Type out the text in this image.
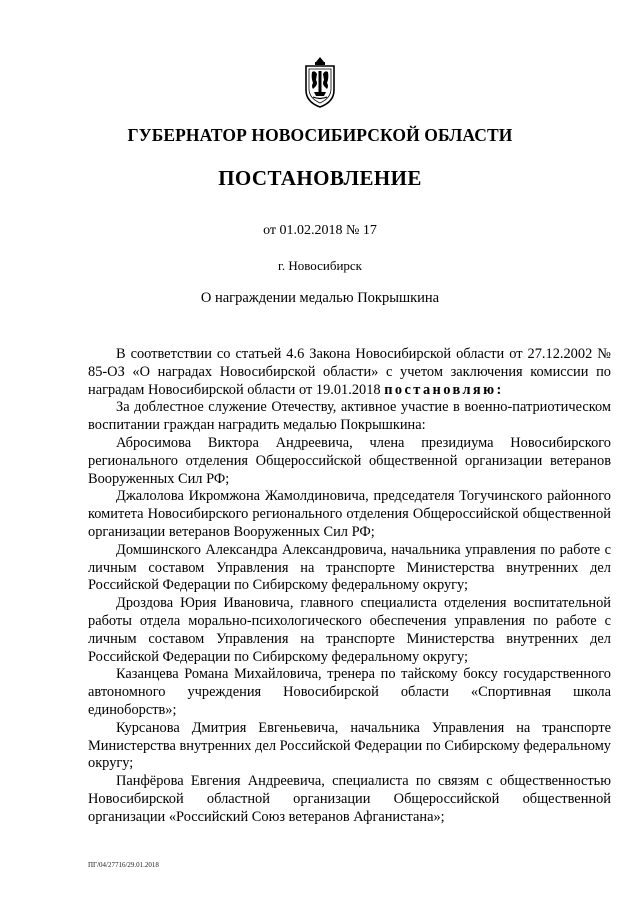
ГУБЕРНАТОР НОВОСИБИРСКОЙ ОБЛАСТИ
ПОСТАНОВЛЕНИЕ
от 01.02.2018 № 17
г. Новосибирск
О награждении медалью Покрышкина

В соответствии со статьей 4.6 Закона Новосибирской области от 27.12.2002 № 85-ОЗ «О наградах Новосибирской области» с учетом заключения комиссии по наградам Новосибирской области от 19.01.2018 постановляю:

За доблестное служение Отечеству, активное участие в военно-патриотическом воспитании граждан наградить медалью Покрышкина:

Абросимова Виктора Андреевича, члена президиума Новосибирского регионального отделения Общероссийской общественной организации ветеранов Вооруженных Сил РФ;

Джалолова Икромжона Жамолдиновича, председателя Тогучинского районного комитета Новосибирского регионального отделения Общероссийской общественной организации ветеранов Вооруженных Сил РФ;

Домшинского Александра Александровича, начальника управления по работе с личным составом Управления на транспорте Министерства внутренних дел Российской Федерации по Сибирскому федеральному округу;

Дроздова Юрия Ивановича, главного специалиста отделения воспитательной работы отдела морально-психологического обеспечения управления по работе с личным составом Управления на транспорте Министерства внутренних дел Российской Федерации по Сибирскому федеральному округу;

Казанцева Романа Михайловича, тренера по тайскому боксу государственного автономного учреждения Новосибирской области «Спортивная школа единоборств»;

Курсанова Дмитрия Евгеньевича, начальника Управления на транспорте Министерства внутренних дел Российской Федерации по Сибирскому федеральному округу;

Панфёрова Евгения Андреевича, специалиста по связям с общественностью Новосибирской областной организации Общероссийской общественной организации «Российский Союз ветеранов Афганистана»;

ПГ/04/27716/29.01.2018
